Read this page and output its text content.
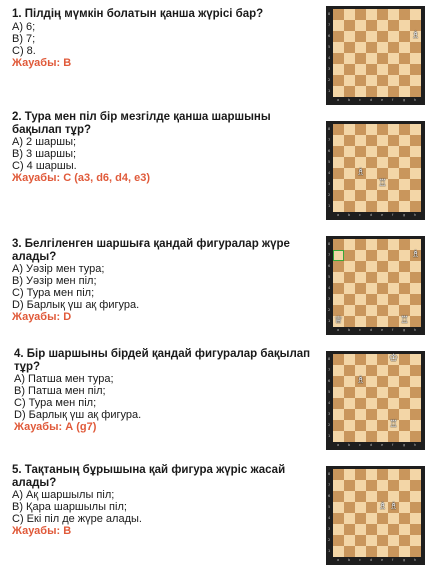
1. Пілдің мүмкін болатын қанша жүрісі бар?
А) 6;
В) 7;
С) 8.
Жауабы: В
♗
a
8
b
7
c
6
d
5
e
4
f
3
g
2
h
1
2. Тура мен піл бір мезгілде қанша шаршыны бақылап тұр?
А) 2 шаршы;
В) 3 шаршы;
С) 4 шаршы.
Жауабы: С (а3, d6, d4, е3)	♗
♖
a
8
b
7
c
6
d
5
e
4
f
3
g
2
h
1
3. Белгіленген шаршыға қандай фигуралар жүре алады?
А) Уәзір мен тура;
В) Уәзір мен піл;
С) Тура мен піл;
D) Барлық үш ақ фигура.
Жауабы: D
♗
♕	♖
a
8
b
7
c
6
d
5
e
4
f
3
g
2
h
1
4. Бір шаршыны бірдей қандай фигуралар бақылап тұр?
А) Патша мен тура;
В) Патша мен піл;
С) Тура мен піл;
D) Барлық үш ақ фигура.
Жауабы: А (g7)
♔
♗
♖
a
8
b
7
c
6
d
5
e
4
f
3
g
2
h
1
5. Тақтаның бұрышына қай фигура жүріс жасай алады?
А) Ақ шаршылы піл;
В) Қара шаршылы піл;
С) Екі піл де жүре алады.
Жауабы: В
♗ ♗
a
8
b
7
c
6
d
5
e
4
f
3
g
2
h
1
